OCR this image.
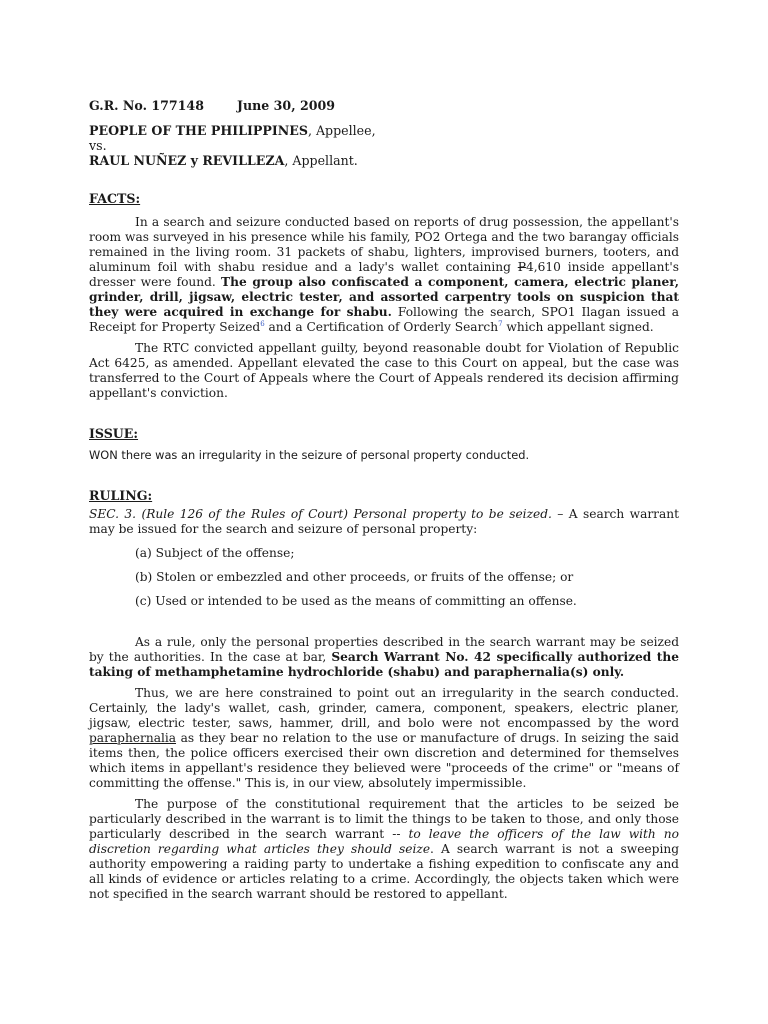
G.R. No. 177148	June 30, 2009

PEOPLE OF THE PHILIPPINES, Appellee,

vs.

RAUL NUÑEZ y REVILLEZA, Appellant.

FACTS:

In a search and seizure conducted based on reports of drug possession, the appellant's room was surveyed in his presence while his family, PO2 Ortega and the two barangay officials remained in the living room. 31 packets of shabu, lighters, improvised burners, tooters, and aluminum foil with shabu residue and a lady's wallet containing P4,610 inside appellant's dresser were found. The group also confiscated a component, camera, electric planer, grinder, drill, jigsaw, electric tester, and assorted carpentry tools on suspicion that they were acquired in exchange for shabu. Following the search, SPO1 Ilagan issued a Receipt for Property Seized$^6$ and a Certification of Orderly Search$^7$ which appellant signed.

The RTC convicted appellant guilty, beyond reasonable doubt for Violation of Republic Act 6425, as amended. Appellant elevated the case to this Court on appeal, but the case was transferred to the Court of Appeals where the Court of Appeals rendered its decision affirming appellant's conviction.

ISSUE:

WON there was an irregularity in the seizure of personal property conducted.

RULING:

SEC. 3. (Rule 126 of the Rules of Court) Personal property to be seized. – A search warrant may be issued for the search and seizure of personal property:

(a) Subject of the offense;

(b) Stolen or embezzled and other proceeds, or fruits of the offense; or

(c) Used or intended to be used as the means of committing an offense.

As a rule, only the personal properties described in the search warrant may be seized by the authorities. In the case at bar, Search Warrant No. 42 specifically authorized the taking of methamphetamine hydrochloride (shabu) and paraphernalia(s) only.

Thus, we are here constrained to point out an irregularity in the search conducted. Certainly, the lady's wallet, cash, grinder, camera, component, speakers, electric planer, jigsaw, electric tester, saws, hammer, drill, and bolo were not encompassed by the word paraphernalia as they bear no relation to the use or manufacture of drugs. In seizing the said items then, the police officers exercised their own discretion and determined for themselves which items in appellant's residence they believed were "proceeds of the crime" or "means of committing the offense." This is, in our view, absolutely impermissible.

The purpose of the constitutional requirement that the articles to be seized be particularly described in the warrant is to limit the things to be taken to those, and only those particularly described in the search warrant -- to leave the officers of the law with no discretion regarding what articles they should seize. A search warrant is not a sweeping authority empowering a raiding party to undertake a fishing expedition to confiscate any and all kinds of evidence or articles relating to a crime. Accordingly, the objects taken which were not specified in the search warrant should be restored to appellant.
